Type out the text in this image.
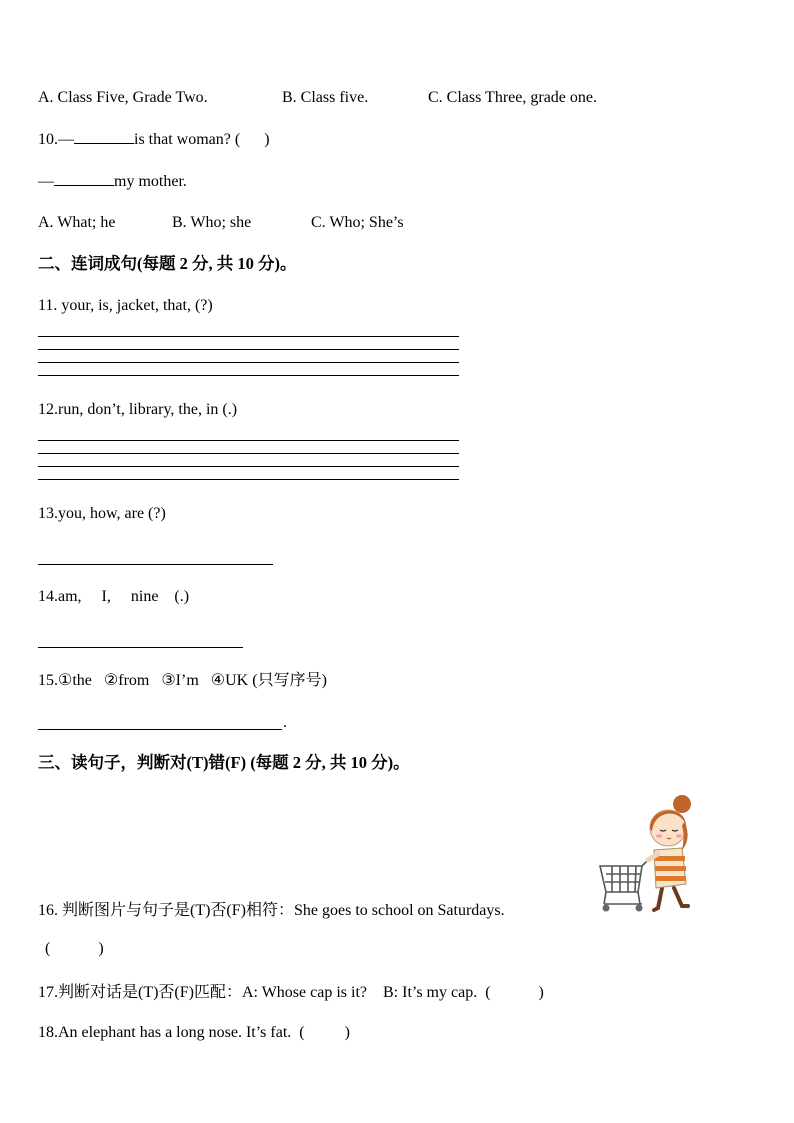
A. Class Five, Grade Two.	B. Class five.	C. Class Three, grade one.
10.—	is that woman? (      )
—	my mother.
A. What; he	B. Who; she	C. Who; She’s
二、连词成句(每题 2 分, 共 10 分)。
11. your, is, jacket, that, (?)
12.run, don’t, library, the, in (.)
13.you, how, are (?)
14.am,     I,     nine    (.)
15.①the   ②from   ③I’m   ④UK (只写序号)
.
三、读句子，判断对(T)错(F) (每题 2 分, 共 10 分)。
16. 判断图片与句子是(T)否(F)相符：She goes to school on Saturdays.
(            )
17.判断对话是(T)否(F)匹配：A: Whose cap is it?    B: It’s my cap.  (            )
18.An elephant has a long nose. It’s fat.  (          )
